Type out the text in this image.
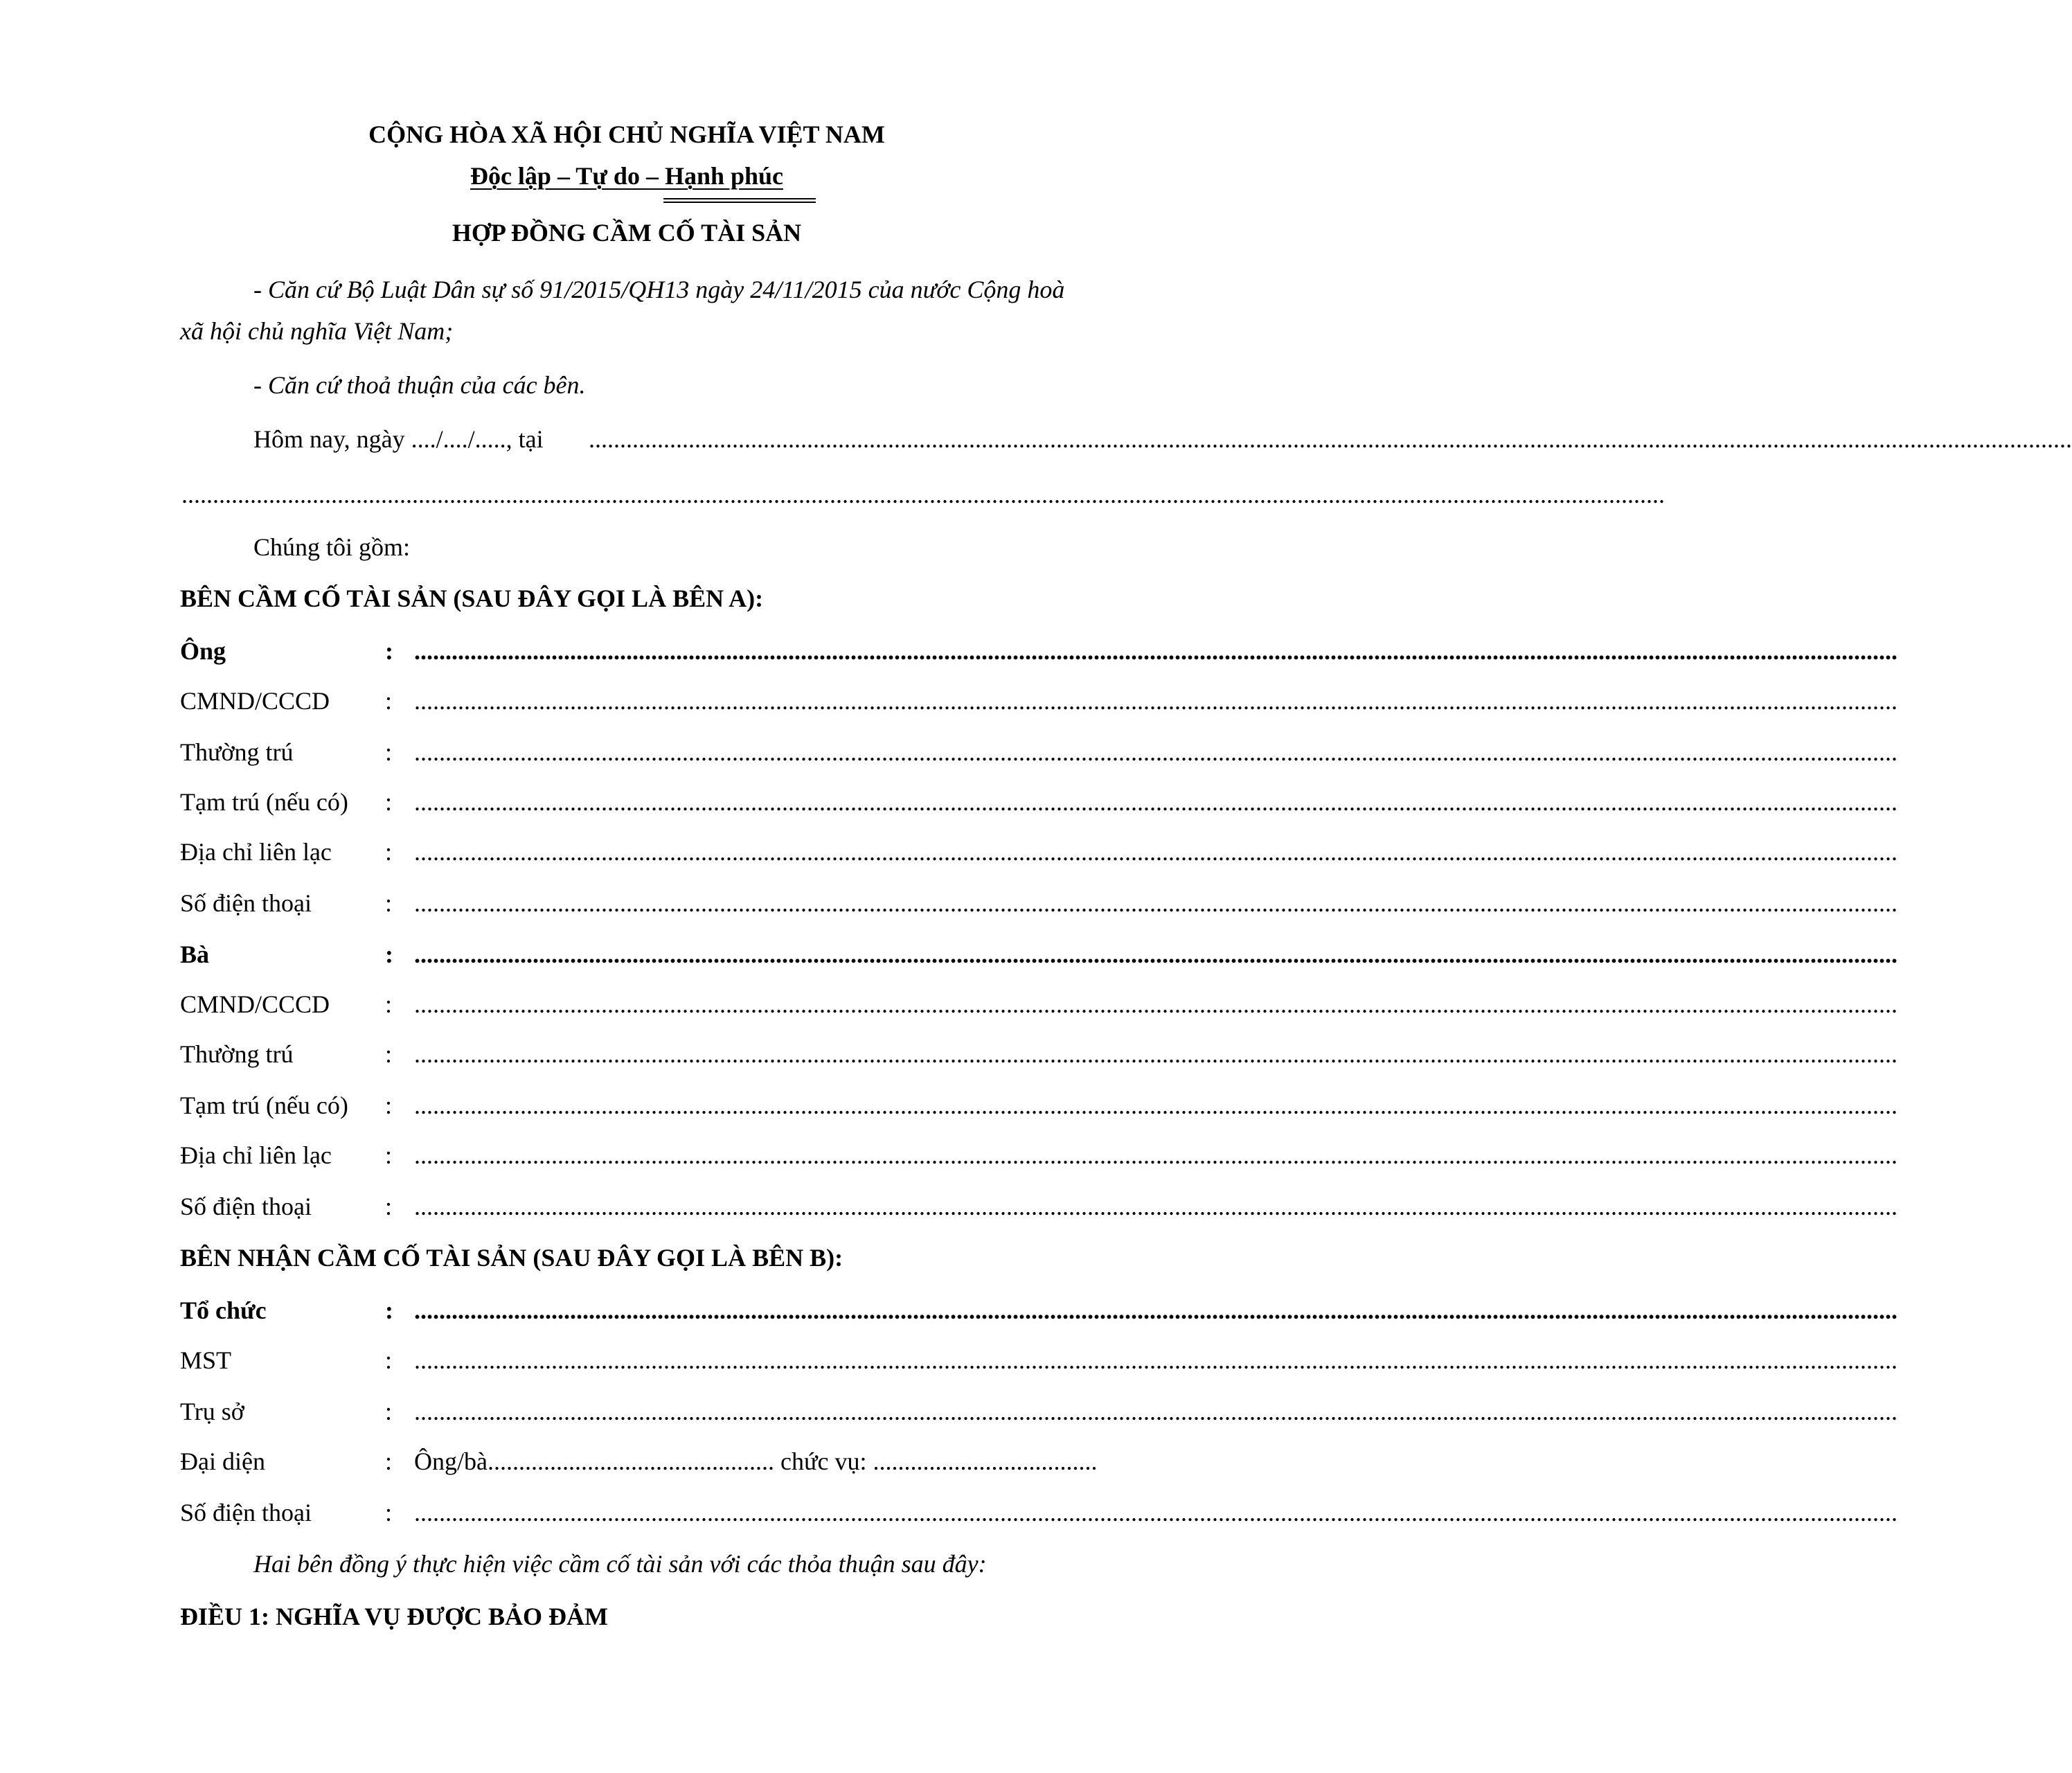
CỘNG HÒA XÃ HỘI CHỦ NGHĨA VIỆT NAM
Độc lập – Tự do – Hạnh phúc
HỢP ĐỒNG CẦM CỐ TÀI SẢN
- Căn cứ Bộ Luật Dân sự số 91/2015/QH13 ngày 24/11/2015 của nước Cộng hoà
xã hội chủ nghĩa Việt Nam;
- Căn cứ thoả thuận của các bên.
Hôm nay, ngày ..../..../....., tại ..............................................................................................................................................................................................................................................
..............................................................................................................................................................................................................................................
Chúng tôi gồm:
BÊN CẦM CỐ TÀI SẢN (SAU ĐÂY GỌI LÀ BÊN A):
Ông	: ..............................................................................................................................................................................................................................................
CMND/CCCD : ..............................................................................................................................................................................................................................................
Thường trú	: ..............................................................................................................................................................................................................................................
Tạm trú (nếu có) : ..............................................................................................................................................................................................................................................
Địa chỉ liên lạc : ..............................................................................................................................................................................................................................................
Số điện thoại	: ..............................................................................................................................................................................................................................................
Bà	: ..............................................................................................................................................................................................................................................
CMND/CCCD : ..............................................................................................................................................................................................................................................
Thường trú	: ..............................................................................................................................................................................................................................................
Tạm trú (nếu có) : ..............................................................................................................................................................................................................................................
Địa chỉ liên lạc : ..............................................................................................................................................................................................................................................
Số điện thoại	: ..............................................................................................................................................................................................................................................
BÊN NHẬN CẦM CỐ TÀI SẢN (SAU ĐÂY GỌI LÀ BÊN B):
Tổ chức	: ..............................................................................................................................................................................................................................................
MST	: ..............................................................................................................................................................................................................................................
Trụ sở	: ..............................................................................................................................................................................................................................................
Đại diện	: Ông/bà.............................................. chức vụ: ....................................
Số điện thoại	: ..............................................................................................................................................................................................................................................
Hai bên đồng ý thực hiện việc cầm cố tài sản với các thỏa thuận sau đây:
ĐIỀU 1: NGHĨA VỤ ĐƯỢC BẢO ĐẢM
